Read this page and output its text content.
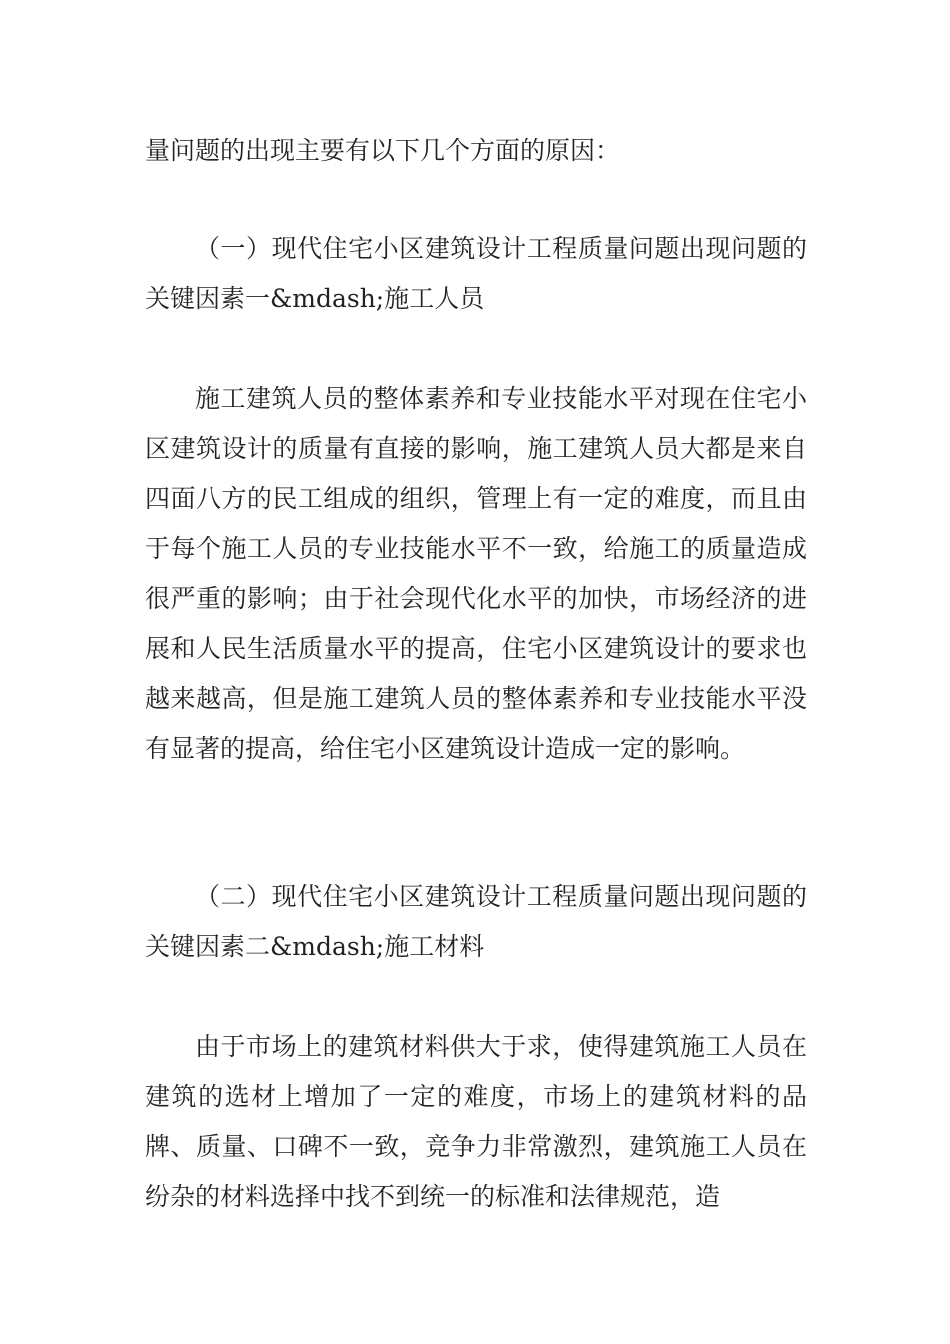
量问题的出现主要有以下几个方面的原因：

（一）现代住宅小区建筑设计工程质量问题出现问题的关键因素一&mdash;施工人员

施工建筑人员的整体素养和专业技能水平对现在住宅小区建筑设计的质量有直接的影响，施工建筑人员大都是来自四面八方的民工组成的组织，管理上有一定的难度，而且由于每个施工人员的专业技能水平不一致，给施工的质量造成很严重的影响；由于社会现代化水平的加快，市场经济的进展和人民生活质量水平的提高，住宅小区建筑设计的要求也越来越高，但是施工建筑人员的整体素养和专业技能水平没有显著的提高，给住宅小区建筑设计造成一定的影响。

（二）现代住宅小区建筑设计工程质量问题出现问题的关键因素二&mdash;施工材料

由于市场上的建筑材料供大于求，使得建筑施工人员在建筑的选材上增加了一定的难度，市场上的建筑材料的品牌、质量、口碑不一致，竞争力非常激烈，建筑施工人员在纷杂的材料选择中找不到统一的标准和法律规范，造
